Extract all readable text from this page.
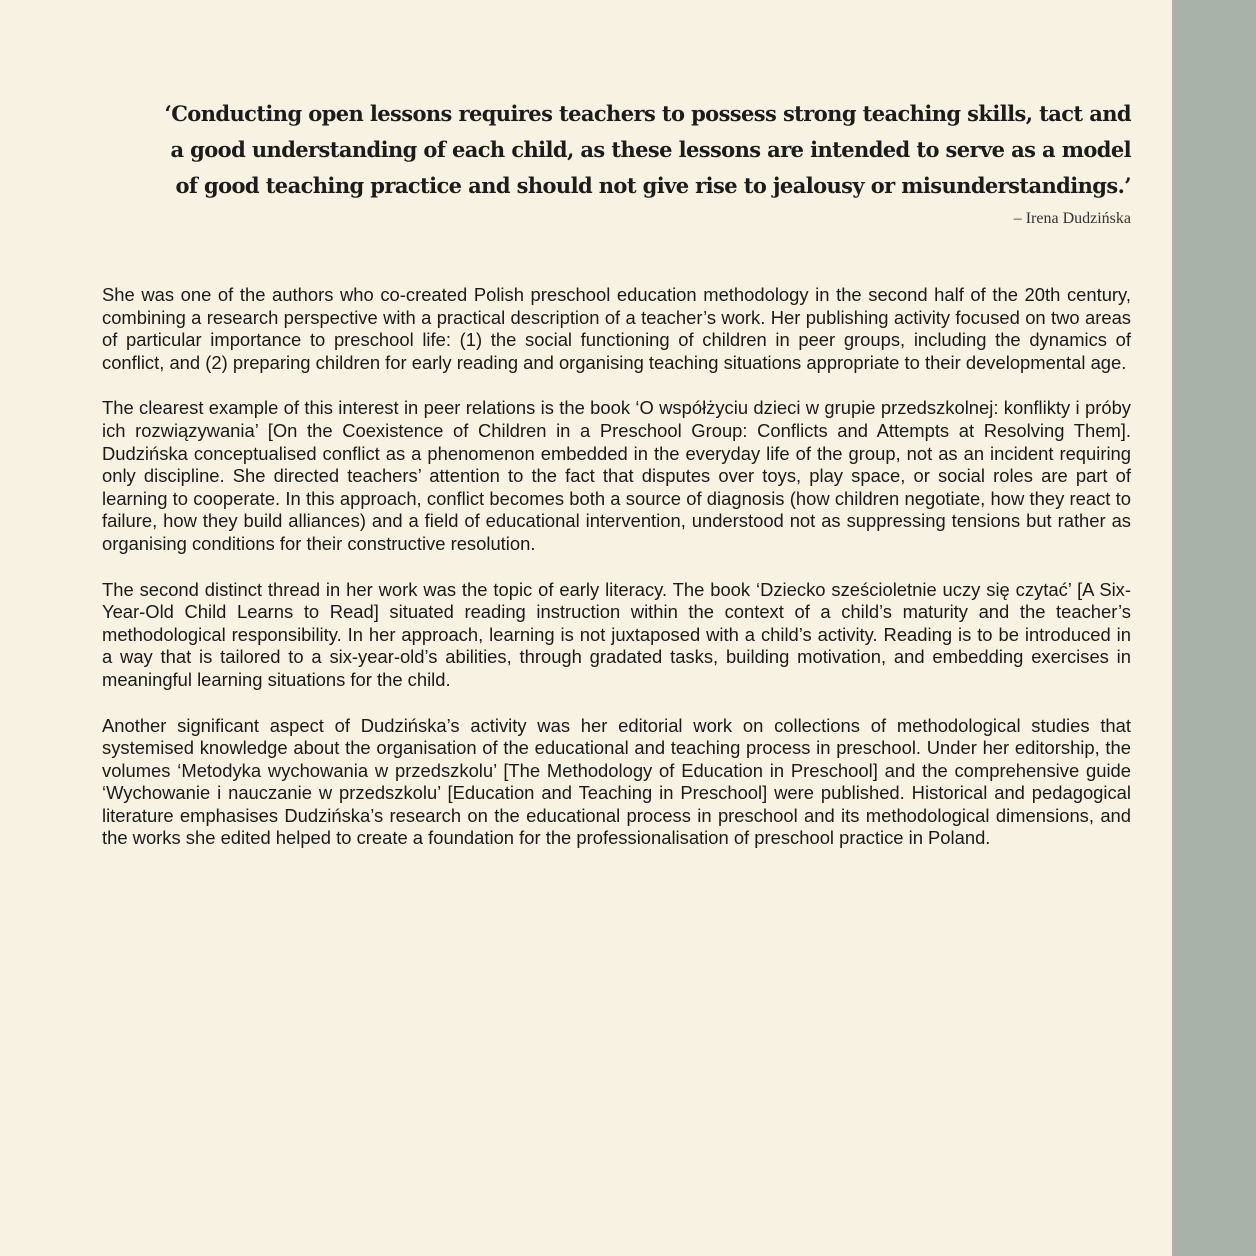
‘Conducting open lessons requires teachers to possess strong teaching skills, tact and a good understanding of each child, as these lessons are intended to serve as a model of good teaching practice and should not give rise to jealousy or misunderstandings.’

– Irena Dudzińska

She was one of the authors who co-created Polish preschool education methodology in the second half of the 20th century, combining a research perspective with a practical description of a teacher’s work. Her publishing activity focused on two areas of particular importance to preschool life: (1) the social functioning of children in peer groups, including the dynamics of conflict, and (2) preparing children for early reading and organising teaching situations appropriate to their developmental age.

The clearest example of this interest in peer relations is the book ‘O współżyciu dzieci w grupie przedszkolnej: konflikty i próby ich rozwiązywania’ [On the Coexistence of Children in a Preschool Group: Conflicts and Attempts at Resolving Them]. Dudzińska conceptualised conflict as a phenomenon embedded in the everyday life of the group, not as an incident requiring only discipline. She directed teachers’ attention to the fact that disputes over toys, play space, or social roles are part of learning to cooperate. In this approach, conflict becomes both a source of diagnosis (how children negotiate, how they react to failure, how they build alliances) and a field of educational intervention, understood not as suppressing tensions but rather as organising conditions for their constructive resolution.

The second distinct thread in her work was the topic of early literacy. The book ‘Dziecko sześcioletnie uczy się czytać’ [A Six-Year-Old Child Learns to Read] situated reading instruction within the context of a child’s maturity and the teacher’s methodological responsibility. In her approach, learning is not juxtaposed with a child’s activity. Reading is to be introduced in a way that is tailored to a six-year-old’s abilities, through gradated tasks, building motivation, and embedding exercises in meaningful learning situations for the child.

Another significant aspect of Dudzińska’s activity was her editorial work on collections of methodological studies that systemised knowledge about the organisation of the educational and teaching process in preschool. Under her editorship, the volumes ‘Metodyka wychowania w przedszkolu’ [The Methodology of Education in Preschool] and the comprehensive guide ‘Wychowanie i nauczanie w przedszkolu’ [Education and Teaching in Preschool] were published. Historical and pedagogical literature emphasises Dudzińska’s research on the educational process in preschool and its methodological dimensions, and the works she edited helped to create a foundation for the professionalisation of preschool practice in Poland.
